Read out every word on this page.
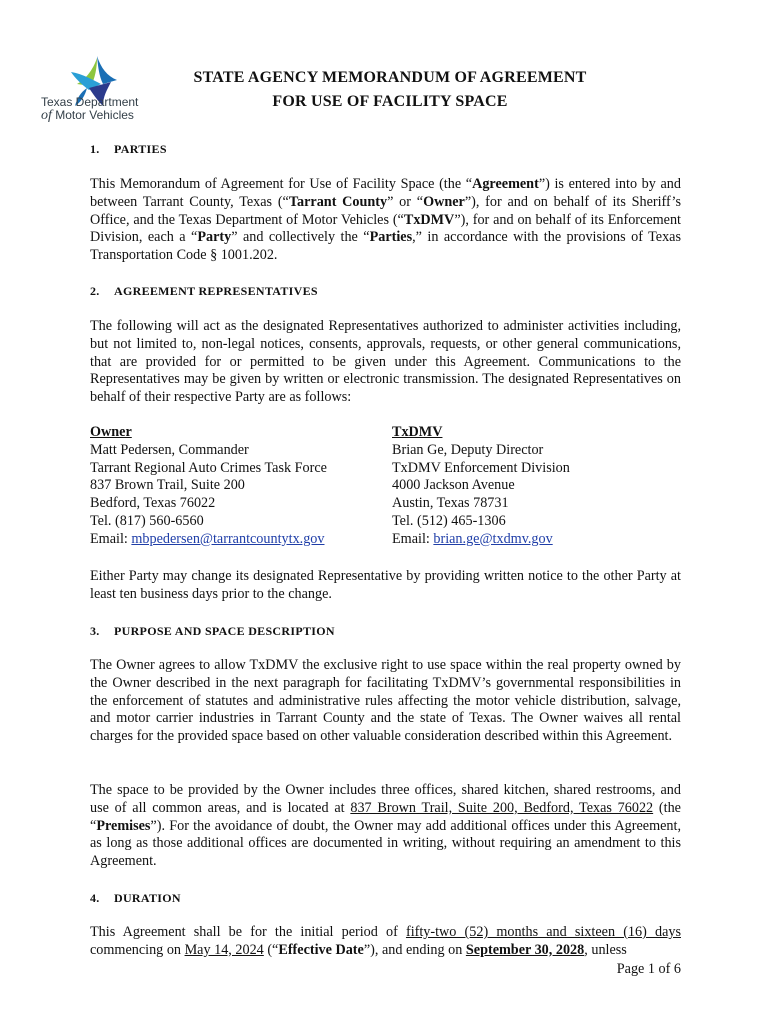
Texas Department
of Motor Vehicles
STATE AGENCY MEMORANDUM OF AGREEMENT
FOR USE OF FACILITY SPACE
1. PARTIES
This Memorandum of Agreement for Use of Facility Space (the “Agreement”) is entered into by and between Tarrant County, Texas (“Tarrant County” or “Owner”), for and on behalf of its Sheriff’s Office, and the Texas Department of Motor Vehicles (“TxDMV”), for and on behalf of its Enforcement Division, each a “Party” and collectively the “Parties,” in accordance with the provisions of Texas Transportation Code § 1001.202.
2. AGREEMENT REPRESENTATIVES
The following will act as the designated Representatives authorized to administer activities including, but not limited to, non-legal notices, consents, approvals, requests, or other general communications, that are provided for or permitted to be given under this Agreement. Communications to the Representatives may be given by written or electronic transmission. The designated Representatives on behalf of their respective Party are as follows:
Owner
Matt Pedersen, Commander
Tarrant Regional Auto Crimes Task Force
837 Brown Trail, Suite 200
Bedford, Texas 76022
Tel. (817) 560-6560
Email: mbpedersen@tarrantcountytx.gov
TxDMV
Brian Ge, Deputy Director
TxDMV Enforcement Division
4000 Jackson Avenue
Austin, Texas 78731
Tel. (512) 465-1306
Email: brian.ge@txdmv.gov
Either Party may change its designated Representative by providing written notice to the other Party at least ten business days prior to the change.
3. PURPOSE AND SPACE DESCRIPTION
The Owner agrees to allow TxDMV the exclusive right to use space within the real property owned by the Owner described in the next paragraph for facilitating TxDMV’s governmental responsibilities in the enforcement of statutes and administrative rules affecting the motor vehicle distribution, salvage, and motor carrier industries in Tarrant County and the state of Texas. The Owner waives all rental charges for the provided space based on other valuable consideration described within this Agreement.
The space to be provided by the Owner includes three offices, shared kitchen, shared restrooms, and use of all common areas, and is located at 837 Brown Trail, Suite 200, Bedford, Texas 76022 (the “Premises”). For the avoidance of doubt, the Owner may add additional offices under this Agreement, as long as those additional offices are documented in writing, without requiring an amendment to this Agreement.
4. DURATION
This Agreement shall be for the initial period of fifty-two (52) months and sixteen (16) days commencing on May 14, 2024 (“Effective Date”), and ending on September 30, 2028, unless
Page 1 of 6
